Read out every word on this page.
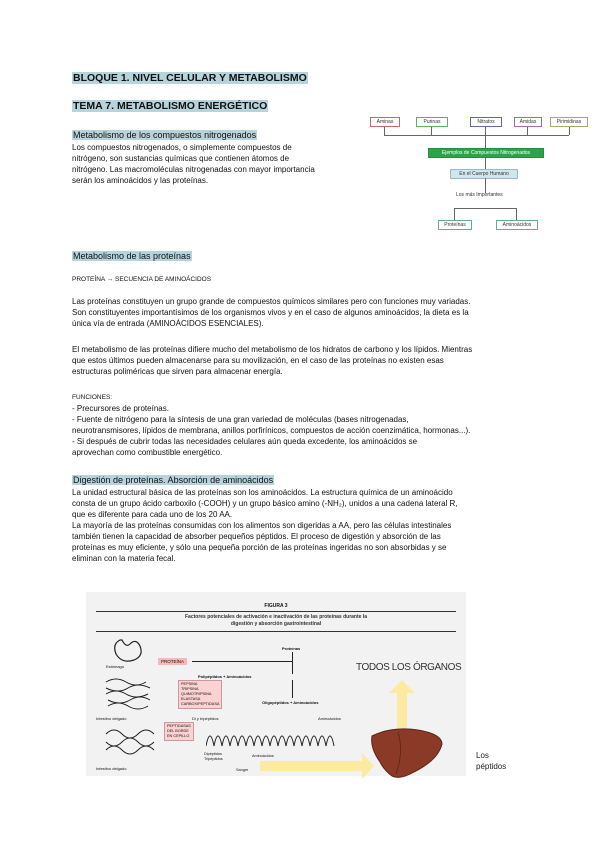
BLOQUE 1. NIVEL CELULAR Y METABOLISMO
TEMA 7. METABOLISMO ENERGÉTICO
Metabolismo de los compuestos nitrogenados
Los compuestos nitrogenados, o simplemente compuestos de
nitrógeno, son sustancias químicas que contienen átomos de
nitrógeno. Las macromoléculas nitrogenadas con mayor importancia
serán los aminoácidos y las proteínas.
Aminas	Purinas	Nitratos	Amidas	Pirimidinas
Ejemplos de Compuestos Nitrogenados
En el Cuerpo Humano
Los más Importantes
Proteínas	Aminoácidos
Metabolismo de las proteínas
PROTEÍNA → SECUENCIA DE AMINOÁCIDOS
Las proteínas constituyen un grupo grande de compuestos químicos similares pero con funciones muy variadas.
Son constituyentes importantísimos de los organismos vivos y en el caso de algunos aminoácidos, la dieta es la
única vía de entrada (AMINOÁCIDOS ESENCIALES).
El metabolismo de las proteínas difiere mucho del metabolismo de los hidratos de carbono y los lípidos. Mientras
que estos últimos pueden almacenarse para su movilización, en el caso de las proteínas no existen esas
estructuras poliméricas que sirven para almacenar energía.
FUNCIONES:
- Precursores de proteínas.
- Fuente de nitrógeno para la síntesis de una gran variedad de moléculas (bases nitrogenadas,
neurotransmisores, lípidos de membrana, anillos porfirínicos, compuestos de acción coenzimática, hormonas...).
- Si después de cubrir todas las necesidades celulares aún queda excedente, los aminoácidos se
aprovechan como combustible energético.
Digestión de proteínas. Absorción de aminoácidos
La unidad estructural básica de las proteínas son los aminoácidos. La estructura química de un aminoácido
consta de un grupo ácido carboxilo (-COOH) y un grupo básico amino (-NH₂), unidos a una cadena lateral R,
que es diferente para cada uno de los 20 AA.
La mayoría de las proteínas consumidas con los alimentos son digeridas a AA, pero las células intestinales
también tienen la capacidad de absorber pequeños péptidos. El proceso de digestión y absorción de las
proteínas es muy eficiente, y sólo una pequeña porción de las proteínas ingeridas no son absorbidas y se
eliminan con la materia fecal.
FIGURA 3
Factores potenciales de activación e inactivación de las proteínas durante la
digestión y absorción gastrointestinal
Estómago
Intestino delgado
Intestino delgado
PROTEÍNA
Proteínas
Polipéptidos + Aminoácidos
PEPSINA
TRIPSINA
QUIMOTRIPSINA
ELASTASA
CARBOXIPEPTIDASA	Oligopéptidos + Aminoácidos
Di y tripéptidos	Aminoácidos
PEPTIDASAS
DEL BORDE
EN CEPILLO
Dipéptidos
Tripéptidos
Aminoácidos
Sangre
TODOS LOS ÓRGANOS
Los
péptidos
